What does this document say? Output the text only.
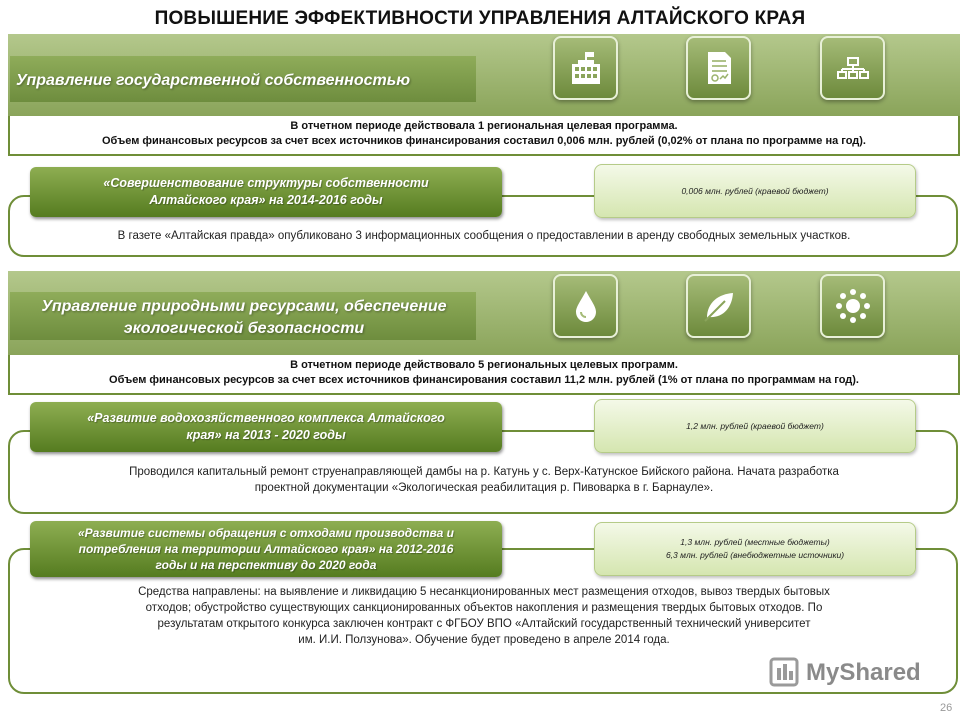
ПОВЫШЕНИЕ ЭФФЕКТИВНОСТИ УПРАВЛЕНИЯ АЛТАЙСКОГО КРАЯ
Управление государственной собственностью
В отчетном периоде действовала 1 региональная целевая программа.
Объем финансовых ресурсов за счет всех источников финансирования составил 0,006 млн. рублей (0,02% от плана по программе на год).
«Совершенствование структуры собственности
Алтайского края» на 2014-2016 годы
0,006 млн. рублей (краевой бюджет)
В газете «Алтайская правда» опубликовано 3 информационных сообщения о предоставлении в аренду свободных земельных участков.
Управление природными ресурсами, обеспечение
экологической безопасности
В отчетном периоде действовало 5 региональных целевых программ.
Объем финансовых ресурсов за счет всех источников финансирования составил 11,2 млн. рублей (1% от плана по программам на год).
«Развитие водохозяйственного комплекса Алтайского
края» на 2013 - 2020 годы
1,2 млн. рублей (краевой бюджет)
Проводился капитальный ремонт струенаправляющей дамбы на р. Катунь у с. Верх-Катунское Бийского района. Начата разработка
проектной документации «Экологическая реабилитация р. Пивоварка в г. Барнауле».
«Развитие системы обращения с отходами производства и
потребления на территории Алтайского края» на 2012-2016
годы и на перспективу до 2020 года
1,3 млн. рублей (местные бюджеты)
6,3 млн. рублей (внебюджетные источники)
Средства направлены: на выявление и ликвидацию 5 несанкционированных мест размещения отходов, вывоз твердых бытовых
отходов; обустройство существующих санкционированных объектов накопления и размещения твердых бытовых отходов. По
результатам открытого конкурса заключен контракт с ФГБОУ ВПО «Алтайский государственный технический университет
им. И.И. Ползунова». Обучение будет проведено в апреле 2014 года.
MyShared
26
